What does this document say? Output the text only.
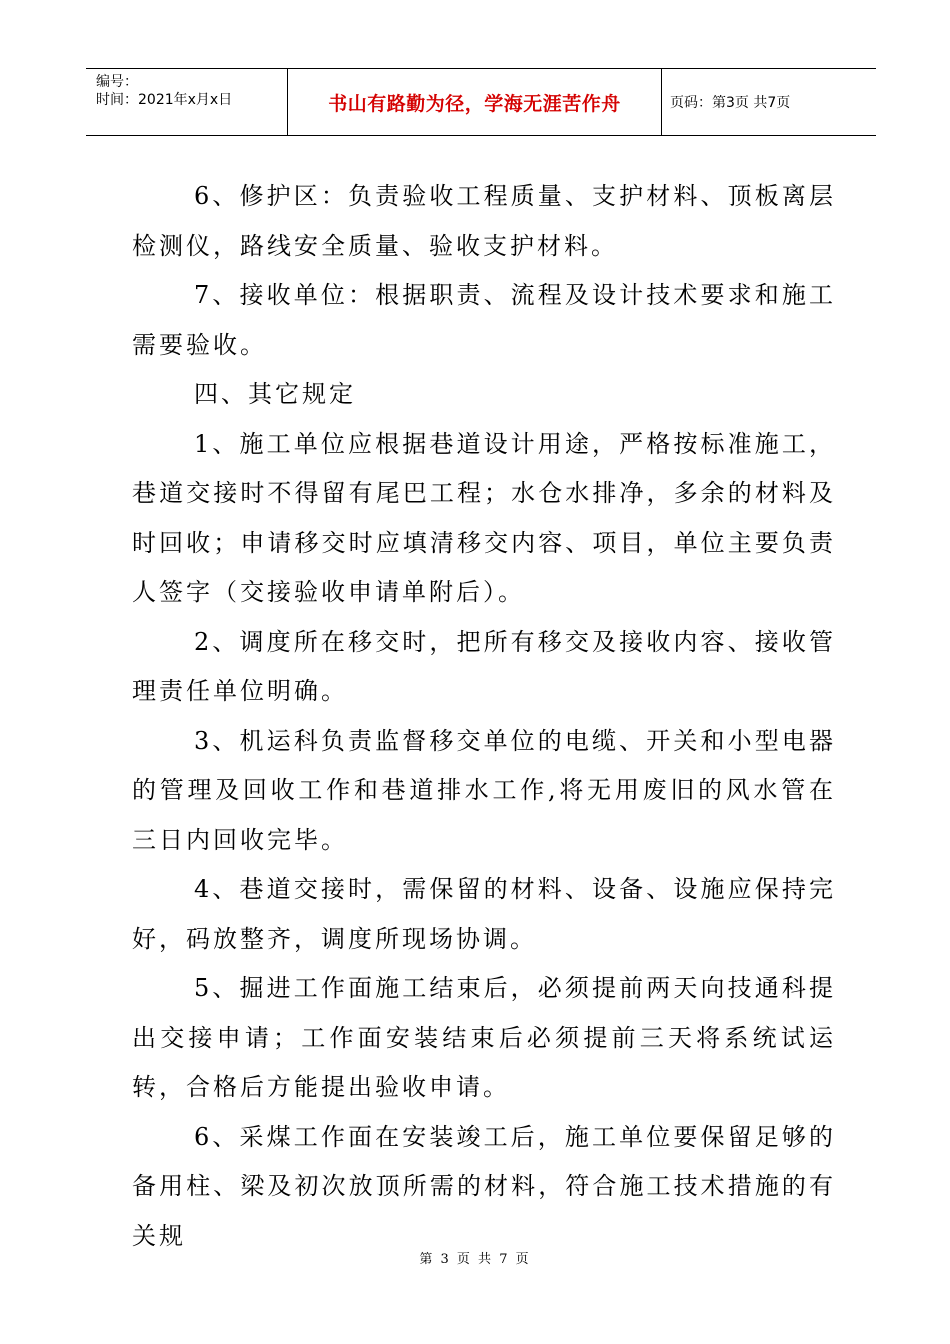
编号：
时间：2021年x月x日	书山有路勤为径，学海无涯苦作舟	页码：第3页 共7页

6、修护区：负责验收工程质量、支护材料、顶板离层检测仪，路线安全质量、验收支护材料。

7、接收单位：根据职责、流程及设计技术要求和施工需要验收。

四、其它规定

1、施工单位应根据巷道设计用途，严格按标准施工，巷道交接时不得留有尾巴工程；水仓水排净，多余的材料及时回收；申请移交时应填清移交内容、项目，单位主要负责人签字（交接验收申请单附后）。

2、调度所在移交时，把所有移交及接收内容、接收管理责任单位明确。

3、机运科负责监督移交单位的电缆、开关和小型电器的管理及回收工作和巷道排水工作,将无用废旧的风水管在三日内回收完毕。

4、巷道交接时，需保留的材料、设备、设施应保持完好，码放整齐，调度所现场协调。

5、掘进工作面施工结束后，必须提前两天向技通科提出交接申请；工作面安装结束后必须提前三天将系统试运转，合格后方能提出验收申请。

6、采煤工作面在安装竣工后，施工单位要保留足够的备用柱、梁及初次放顶所需的材料，符合施工技术措施的有关规

第 3 页 共 7 页
